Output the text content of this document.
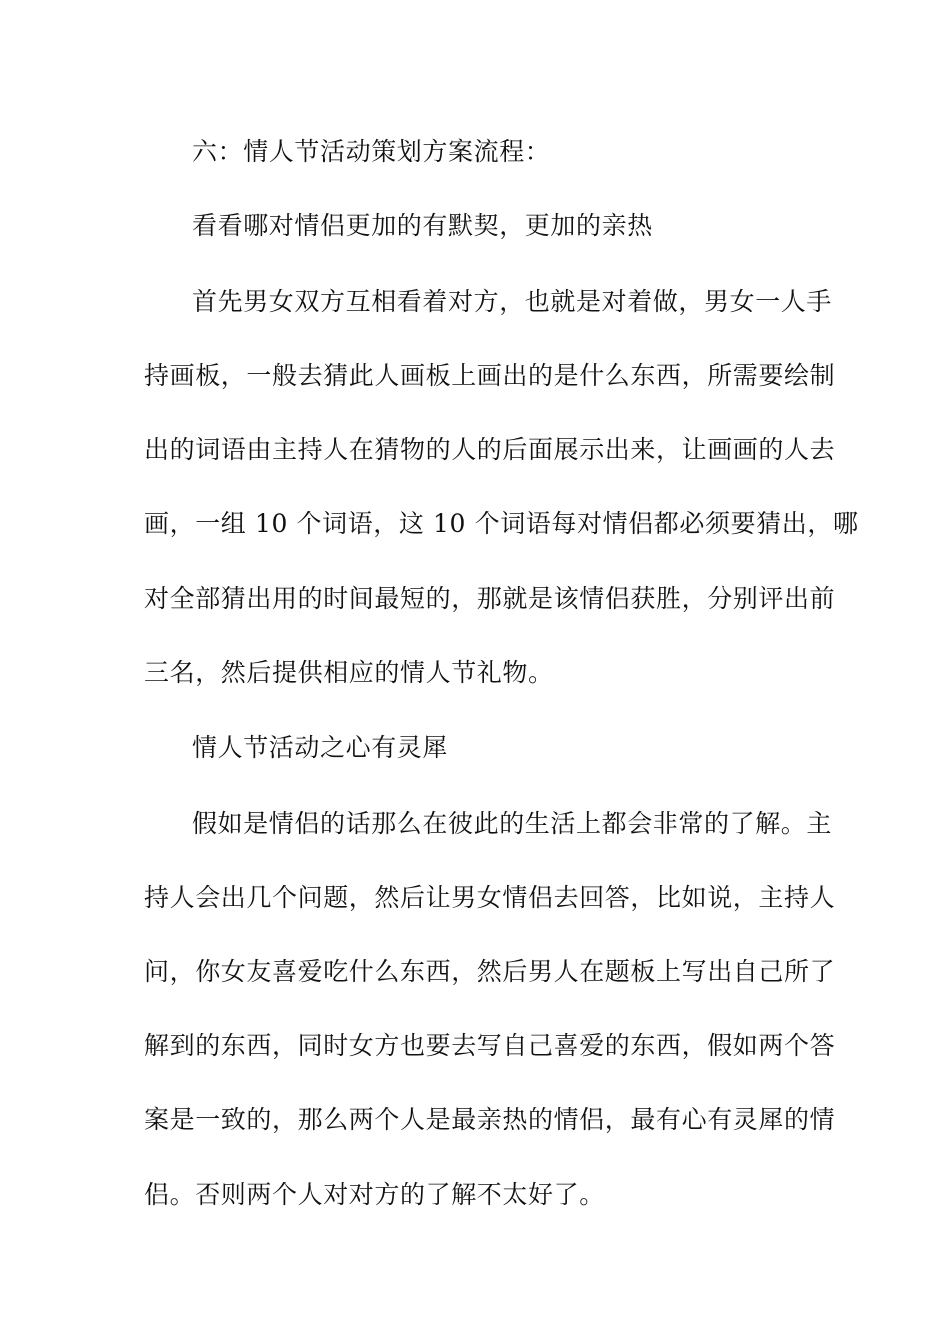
六：情人节活动策划方案流程：
看看哪对情侣更加的有默契，更加的亲热
首先男女双方互相看着对方，也就是对着做，男女一人手
持画板，一般去猜此人画板上画出的是什么东西，所需要绘制
出的词语由主持人在猜物的人的后面展示出来，让画画的人去
画，一组 10 个词语，这 10 个词语每对情侣都必须要猜出，哪
对全部猜出用的时间最短的，那就是该情侣获胜，分别评出前
三名，然后提供相应的情人节礼物。
情人节活动之心有灵犀
假如是情侣的话那么在彼此的生活上都会非常的了解。主
持人会出几个问题，然后让男女情侣去回答，比如说，主持人
问，你女友喜爱吃什么东西，然后男人在题板上写出自己所了
解到的东西，同时女方也要去写自己喜爱的东西，假如两个答
案是一致的，那么两个人是最亲热的情侣，最有心有灵犀的情
侣。否则两个人对对方的了解不太好了。
